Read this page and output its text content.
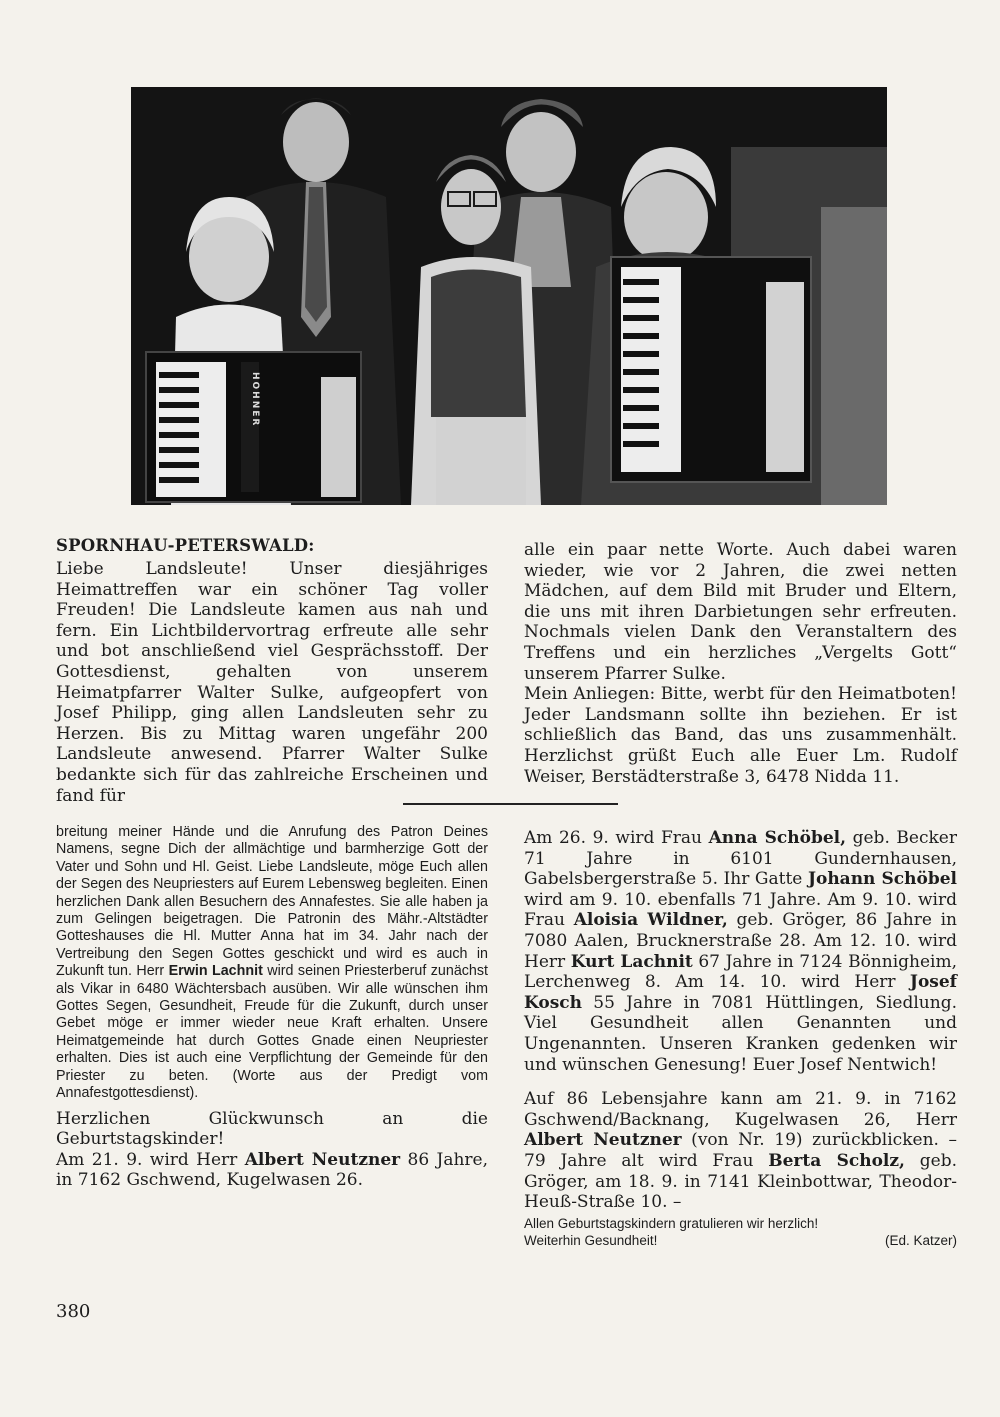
HOHNER
SPORNHAU-PETERSWALD:

Liebe Landsleute! Unser diesjähriges Heimattreffen war ein schöner Tag voller Freuden! Die Landsleute kamen aus nah und fern. Ein Lichtbildervortrag erfreute alle sehr und bot anschließend viel Gesprächsstoff. Der Gottesdienst, gehalten von unserem Heimatpfarrer Walter Sulke, aufgeopfert von Josef Philipp, ging allen Landsleuten sehr zu Herzen. Bis zu Mittag waren ungefähr 200 Landsleute anwesend. Pfarrer Walter Sulke bedankte sich für das zahlreiche Erscheinen und fand für

alle ein paar nette Worte. Auch dabei waren wieder, wie vor 2 Jahren, die zwei netten Mädchen, auf dem Bild mit Bruder und Eltern, die uns mit ihren Darbietungen sehr erfreuten. Nochmals vielen Dank den Veranstaltern des Treffens und ein herzliches „Vergelts Gott“ unserem Pfarrer Sulke.

Mein Anliegen: Bitte, werbt für den Heimatboten! Jeder Landsmann sollte ihn beziehen. Er ist schließlich das Band, das uns zusammenhält. Herzlichst grüßt Euch alle Euer Lm. Rudolf Weiser, Berstädterstraße 3, 6478 Nidda 11.

breitung meiner Hände und die Anrufung des Patron Deines Namens, segne Dich der allmächtige und barmherzige Gott der Vater und Sohn und Hl. Geist. Liebe Landsleute, möge Euch allen der Segen des Neupriesters auf Eurem Lebensweg begleiten. Einen herzlichen Dank allen Besuchern des Annafestes. Sie alle haben ja zum Gelingen beigetragen. Die Patronin des Mähr.-Altstädter Gotteshauses die Hl. Mutter Anna hat im 34. Jahr nach der Vertreibung den Segen Gottes geschickt und wird es auch in Zukunft tun. Herr Erwin Lachnit wird seinen Priesterberuf zunächst als Vikar in 6480 Wächtersbach ausüben. Wir alle wünschen ihm Gottes Segen, Gesundheit, Freude für die Zukunft, durch unser Gebet möge er immer wieder neue Kraft erhalten. Unsere Heimatgemeinde hat durch Gottes Gnade einen Neupriester erhalten. Dies ist auch eine Verpflichtung der Gemeinde für den Priester zu beten. (Worte aus der Predigt vom Annafestgottesdienst).

Herzlichen Glückwunsch an die Geburtstagskinder!

Am 21. 9. wird Herr Albert Neutzner 86 Jahre, in 7162 Gschwend, Kugelwasen 26.

Am 26. 9. wird Frau Anna Schöbel, geb. Becker 71 Jahre in 6101 Gundernhausen, Gabelsbergerstraße 5. Ihr Gatte Johann Schöbel wird am 9. 10. ebenfalls 71 Jahre. Am 9. 10. wird Frau Aloisia Wildner, geb. Gröger, 86 Jahre in 7080 Aalen, Brucknerstraße 28. Am 12. 10. wird Herr Kurt Lachnit 67 Jahre in 7124 Bönnigheim, Lerchenweg 8. Am 14. 10. wird Herr Josef Kosch 55 Jahre in 7081 Hüttlingen, Siedlung. Viel Gesundheit allen Genannten und Ungenannten. Unseren Kranken gedenken wir und wünschen Genesung! Euer Josef Nentwich!

Auf 86 Lebensjahre kann am 21. 9. in 7162 Gschwend/Backnang, Kugelwasen 26, Herr Albert Neutzner (von Nr. 19) zurückblicken. – 79 Jahre alt wird Frau Berta Scholz, geb. Gröger, am 18. 9. in 7141 Kleinbottwar, Theodor-Heuß-Straße 10. –

Allen Geburtstagskindern gratulieren wir herzlich!

Weiterhin Gesundheit!	(Ed. Katzer)
380
